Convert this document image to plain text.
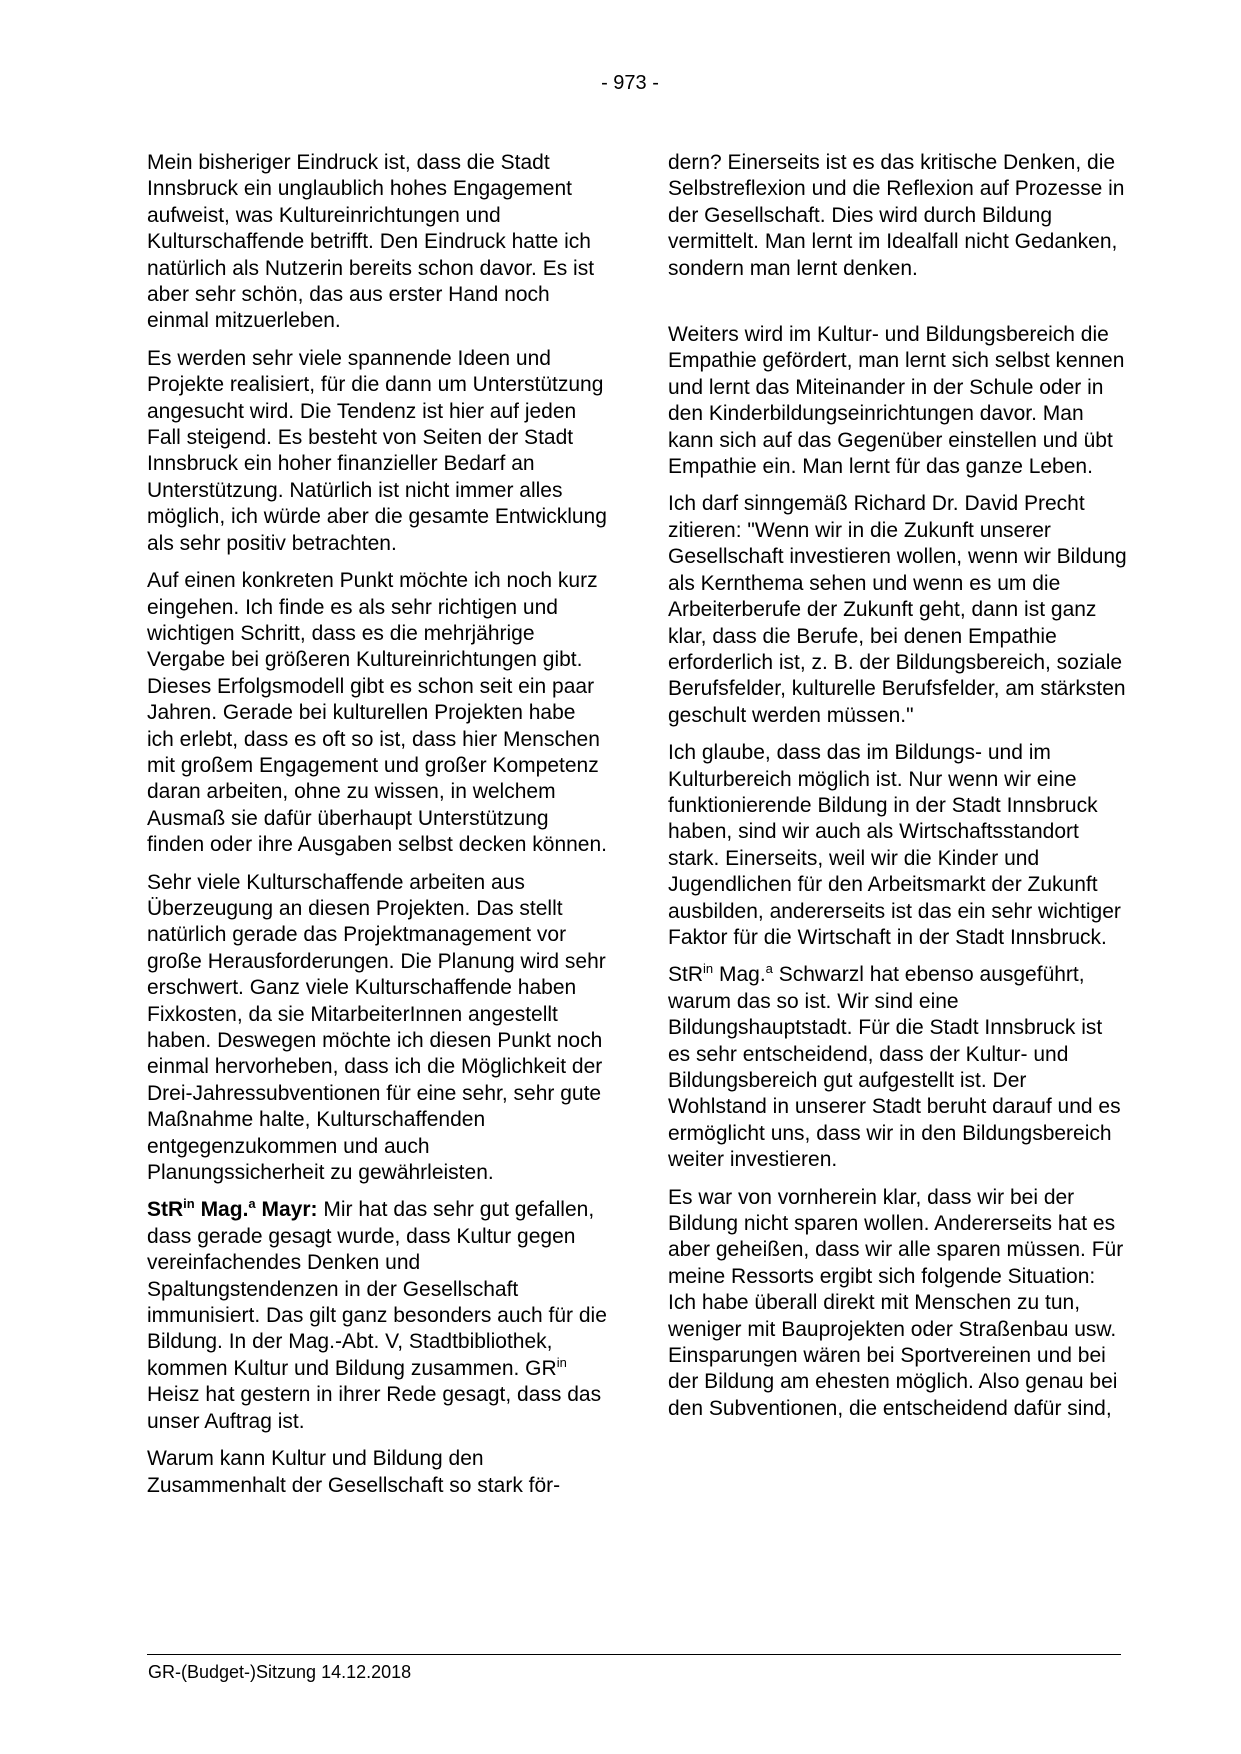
- 973 -

Mein bisheriger Eindruck ist, dass die Stadt Innsbruck ein unglaublich hohes Engagement aufweist, was Kultureinrichtungen und Kulturschaffende betrifft. Den Eindruck hatte ich natürlich als Nutzerin bereits schon davor. Es ist aber sehr schön, das aus erster Hand noch einmal mitzuerleben.

Es werden sehr viele spannende Ideen und Projekte realisiert, für die dann um Unterstützung angesucht wird. Die Tendenz ist hier auf jeden Fall steigend. Es besteht von Seiten der Stadt Innsbruck ein hoher finanzieller Bedarf an Unterstützung. Natürlich ist nicht immer alles möglich, ich würde aber die gesamte Entwicklung als sehr positiv betrachten.

Auf einen konkreten Punkt möchte ich noch kurz eingehen. Ich finde es als sehr richtigen und wichtigen Schritt, dass es die mehrjährige Vergabe bei größeren Kultureinrichtungen gibt. Dieses Erfolgsmodell gibt es schon seit ein paar Jahren. Gerade bei kulturellen Projekten habe ich erlebt, dass es oft so ist, dass hier Menschen mit großem Engagement und großer Kompetenz daran arbeiten, ohne zu wissen, in welchem Ausmaß sie dafür überhaupt Unterstützung finden oder ihre Ausgaben selbst decken können.

Sehr viele Kulturschaffende arbeiten aus Überzeugung an diesen Projekten. Das stellt natürlich gerade das Projektmanagement vor große Herausforderungen. Die Planung wird sehr erschwert. Ganz viele Kulturschaffende haben Fixkosten, da sie MitarbeiterInnen angestellt haben. Deswegen möchte ich diesen Punkt noch einmal hervorheben, dass ich die Möglichkeit der Drei-Jahressubventionen für eine sehr, sehr gute Maßnahme halte, Kulturschaffenden entgegenzukommen und auch Planungssicherheit zu gewährleisten.

StR$^{in}$ Mag.$^a$ Mayr: Mir hat das sehr gut gefallen, dass gerade gesagt wurde, dass Kultur gegen vereinfachendes Denken und Spaltungstendenzen in der Gesellschaft immunisiert. Das gilt ganz besonders auch für die Bildung. In der Mag.-Abt. V, Stadtbibliothek, kommen Kultur und Bildung zusammen. $GR^{in}$ Heisz hat gestern in ihrer Rede gesagt, dass das unser Auftrag ist.

Warum kann Kultur und Bildung den Zusammenhalt der Gesellschaft so stark för-

dern? Einerseits ist es das kritische Denken, die Selbstreflexion und die Reflexion auf Prozesse in der Gesellschaft. Dies wird durch Bildung vermittelt. Man lernt im Idealfall nicht Gedanken, sondern man lernt denken.

Weiters wird im Kultur- und Bildungsbereich die Empathie gefördert, man lernt sich selbst kennen und lernt das Miteinander in der Schule oder in den Kinderbildungseinrichtungen davor. Man kann sich auf das Gegenüber einstellen und übt Empathie ein. Man lernt für das ganze Leben.

Ich darf sinngemäß Richard Dr. David Precht zitieren: "Wenn wir in die Zukunft unserer Gesellschaft investieren wollen, wenn wir Bildung als Kernthema sehen und wenn es um die Arbeiterberufe der Zukunft geht, dann ist ganz klar, dass die Berufe, bei denen Empathie erforderlich ist, z. B. der Bildungsbereich, soziale Berufsfelder, kulturelle Berufsfelder, am stärksten geschult werden müssen."

Ich glaube, dass das im Bildungs- und im Kulturbereich möglich ist. Nur wenn wir eine funktionierende Bildung in der Stadt Innsbruck haben, sind wir auch als Wirtschaftsstandort stark. Einerseits, weil wir die Kinder und Jugendlichen für den Arbeitsmarkt der Zukunft ausbilden, andererseits ist das ein sehr wichtiger Faktor für die Wirtschaft in der Stadt Innsbruck.

StR$^{in}$ Mag.$^a$ Schwarzl hat ebenso ausgeführt, warum das so ist. Wir sind eine Bildungshauptstadt. Für die Stadt Innsbruck ist es sehr entscheidend, dass der Kultur- und Bildungsbereich gut aufgestellt ist. Der Wohlstand in unserer Stadt beruht darauf und es ermöglicht uns, dass wir in den Bildungsbereich weiter investieren.

Es war von vornherein klar, dass wir bei der Bildung nicht sparen wollen. Andererseits hat es aber geheißen, dass wir alle sparen müssen. Für meine Ressorts ergibt sich folgende Situation: Ich habe überall direkt mit Menschen zu tun, weniger mit Bauprojekten oder Straßenbau usw. Einsparungen wären bei Sportvereinen und bei der Bildung am ehesten möglich. Also genau bei den Subventionen, die entscheidend dafür sind,

GR-(Budget-)Sitzung 14.12.2018
